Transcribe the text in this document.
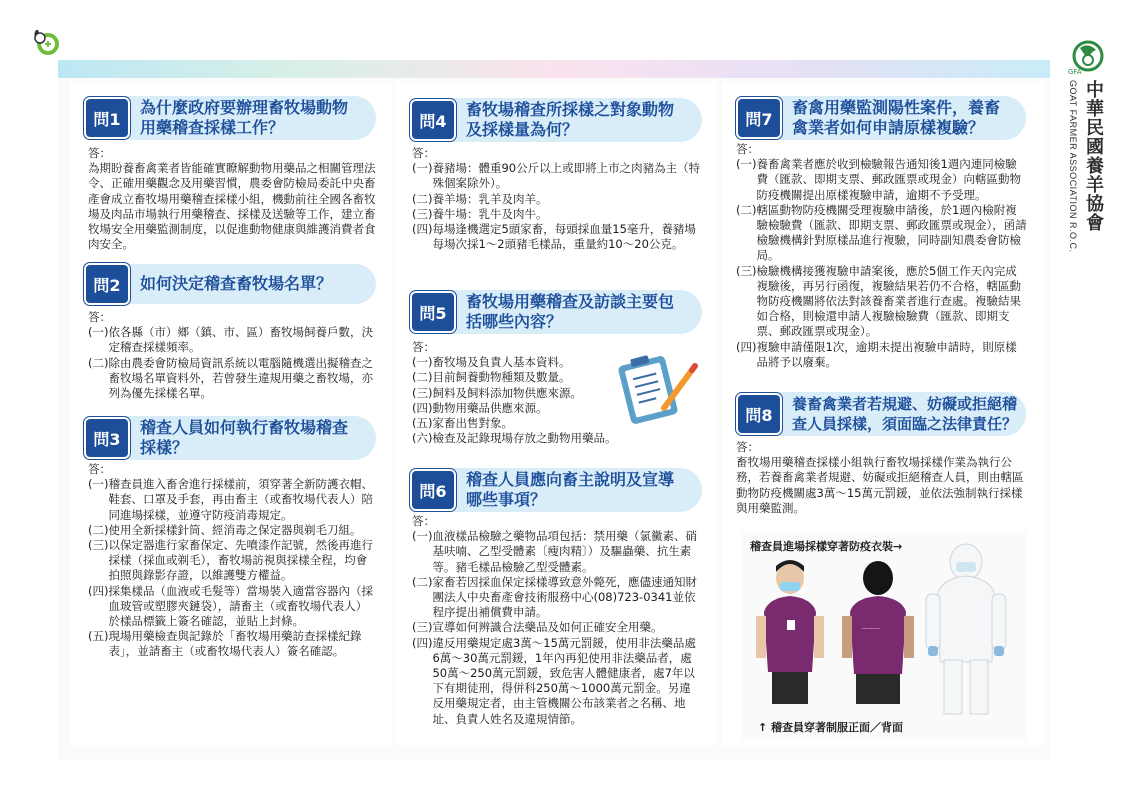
GFA
中華民國養羊協會
GOAT FARMER ASSOCIATION R.O.C.
問1
為什麼政府要辦理畜牧場動物
用藥稽查採樣工作？
答：
為期盼養畜禽業者皆能確實瞭解動物用藥品之相關管理法令、正確用藥觀念及用藥習慣，農委會防檢局委託中央畜產會成立畜牧場用藥稽查採樣小組，機動前往全國各畜牧場及肉品市場執行用藥稽查、採樣及送驗等工作，建立畜牧場安全用藥監測制度，以促進動物健康與維護消費者食肉安全。
問2	如何決定稽查畜牧場名單？
答：
(一) 依各縣（市）鄉（鎮、市、區）畜牧場飼養戶數，決定稽查採樣頻率。
(二) 除由農委會防檢局資訊系統以電腦隨機選出擬稽查之畜牧場名單資料外，若曾發生違規用藥之畜牧場，亦列為優先採樣名單。
問3
稽查人員如何執行畜牧場稽查
採樣？
答：
(一) 稽查員進入畜舍進行採樣前，須穿著全新防護衣帽、鞋套、口罩及手套，再由畜主（或畜牧場代表人）陪同進場採樣，並遵守防疫消毒規定。
(二) 使用全新採樣針筒、經消毒之保定器與剃毛刀組。
(三) 以保定器進行家畜保定、先噴漆作記號，然後再進行採樣（採血或剃毛），畜牧場訪視與採樣全程，均會拍照與錄影存證，以維護雙方權益。
(四) 採集樣品（血液或毛髮等）當場裝入適當容器內（採血玻管或塑膠夾鏈袋），請畜主（或畜牧場代表人）於樣品標籤上簽名確認，並貼上封條。
(五) 現場用藥檢查與記錄於「畜牧場用藥訪查採樣紀錄表」，並請畜主（或畜牧場代表人）簽名確認。
問4
畜牧場稽查所採樣之對象動物
及採樣量為何？
答：
(一) 養豬場：體重90公斤以上或即將上市之肉豬為主（特殊個案除外）。
(二) 養羊場：乳羊及肉羊。
(三) 養牛場：乳牛及肉牛。
(四) 每場逢機選定5頭家畜，每頭採血量15毫升，養豬場每場次採1～2頭豬毛樣品，重量約10～20公克。
問5
畜牧場用藥稽查及訪談主要包
括哪些內容？
答：
(一) 畜牧場及負責人基本資料。
(二) 目前飼養動物種類及數量。
(三) 飼料及飼料添加物供應來源。
(四) 動物用藥品供應來源。
(五) 家畜出售對象。
(六) 檢查及記錄現場存放之動物用藥品。
問6
稽查人員應向畜主說明及宣導
哪些事項？
答：
(一) 血液樣品檢驗之藥物品項包括：禁用藥（氯黴素、硝基呋喃、乙型受體素〔瘦肉精〕）及驅蟲藥、抗生素等。豬毛樣品檢驗乙型受體素。
(二) 家畜若因採血保定採樣導致意外斃死，應儘速通知財團法人中央畜產會技術服務中心(08)723-0341並依程序提出補償費申請。
(三) 宣導如何辨識合法藥品及如何正確安全用藥。
(四) 違反用藥規定處3萬～15萬元罰鍰，使用非法藥品處6萬～30萬元罰鍰，1年內再犯使用非法藥品者，處50萬～250萬元罰鍰，致危害人體健康者，處7年以下有期徒刑，得併科250萬～1000萬元罰金。另違反用藥規定者，由主管機關公布該業者之名稱、地址、負責人姓名及違規情節。
問7
畜禽用藥監測陽性案件，養畜
禽業者如何申請原樣複驗？
答：
(一) 養畜禽業者應於收到檢驗報告通知後1週內連同檢驗費（匯款、即期支票、郵政匯票或現金）向轄區動物防疫機關提出原樣複驗申請，逾期不予受理。
(二) 轄區動物防疫機關受理複驗申請後，於1週內檢附複驗檢驗費（匯款、即期支票、郵政匯票或現金），函請檢驗機構針對原樣品進行複驗，同時副知農委會防檢局。
(三) 檢驗機構接獲複驗申請案後，應於5個工作天內完成複驗後，再另行函復，複驗結果若仍不合格，轄區動物防疫機關將依法對該養畜業者進行查處。複驗結果如合格，則檢還申請人複驗檢驗費（匯款、即期支票、郵政匯票或現金）。
(四) 複驗申請僅限1次，逾期未提出複驗申請時，則原樣品將予以廢棄。
問8
養畜禽業者若規避、妨礙或拒絕稽
查人員採樣，須面臨之法律責任？
答：
畜牧場用藥稽查採樣小組執行畜牧場採樣作業為執行公務，若養畜禽業者規避、妨礙或拒絕稽查人員，則由轄區動物防疫機關處3萬～15萬元罰鍰，並依法強制執行採樣與用藥監測。
———
稽查員進場採樣穿著防疫衣裝→
↑ 稽查員穿著制服正面／背面
